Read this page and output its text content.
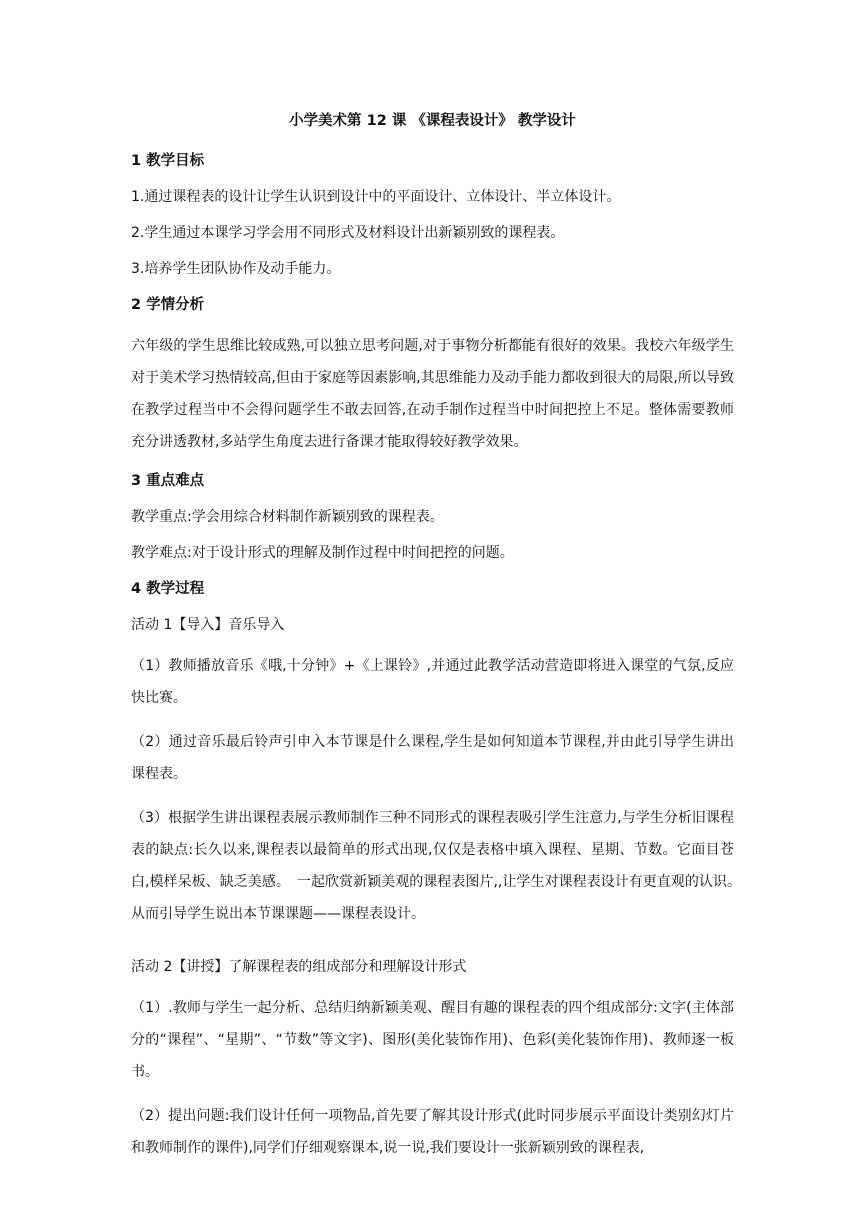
小学美术第 12 课 《课程表设计》 教学设计
1 教学目标
1.通过课程表的设计让学生认识到设计中的平面设计、立体设计、半立体设计。
2.学生通过本课学习学会用不同形式及材料设计出新颖别致的课程表。
3.培养学生团队协作及动手能力。
2 学情分析

六年级的学生思维比较成熟,可以独立思考问题,对于事物分析都能有很好的效果。我校六年级学生对于美术学习热情较高,但由于家庭等因素影响,其思维能力及动手能力都收到很大的局限,所以导致在教学过程当中不会得问题学生不敢去回答,在动手制作过程当中时间把控上不足。整体需要教师充分讲透教材,多站学生角度去进行备课才能取得较好教学效果。

3 重点难点
教学重点:学会用综合材料制作新颖别致的课程表。
教学难点:对于设计形式的理解及制作过程中时间把控的问题。
4 教学过程
活动 1【导入】音乐导入

（1）教师播放音乐《哦,十分钟》+《上课铃》,并通过此教学活动营造即将进入课堂的气氛,反应快比赛。

（2）通过音乐最后铃声引申入本节课是什么课程,学生是如何知道本节课程,并由此引导学生讲出课程表。

（3）根据学生讲出课程表展示教师制作三种不同形式的课程表吸引学生注意力,与学生分析旧课程表的缺点:长久以来,课程表以最简单的形式出现,仅仅是表格中填入课程、星期、节数。它面目苍白,模样呆板、缺乏美感。　一起欣赏新颖美观的课程表图片,,让学生对课程表设计有更直观的认识。　从而引导学生说出本节课课题——课程表设计。

活动 2【讲授】了解课程表的组成部分和理解设计形式

（1）.教师与学生一起分析、总结归纳新颖美观、醒目有趣的课程表的四个组成部分:文字(主体部分的“课程”、“星期”、“节数”等文字)、图形(美化装饰作用)、色彩(美化装饰作用)、教师逐一板书。

（2）提出问题:我们设计任何一项物品,首先要了解其设计形式(此时同步展示平面设计类别幻灯片和教师制作的课件),同学们仔细观察课本,说一说,我们要设计一张新颖别致的课程表,
